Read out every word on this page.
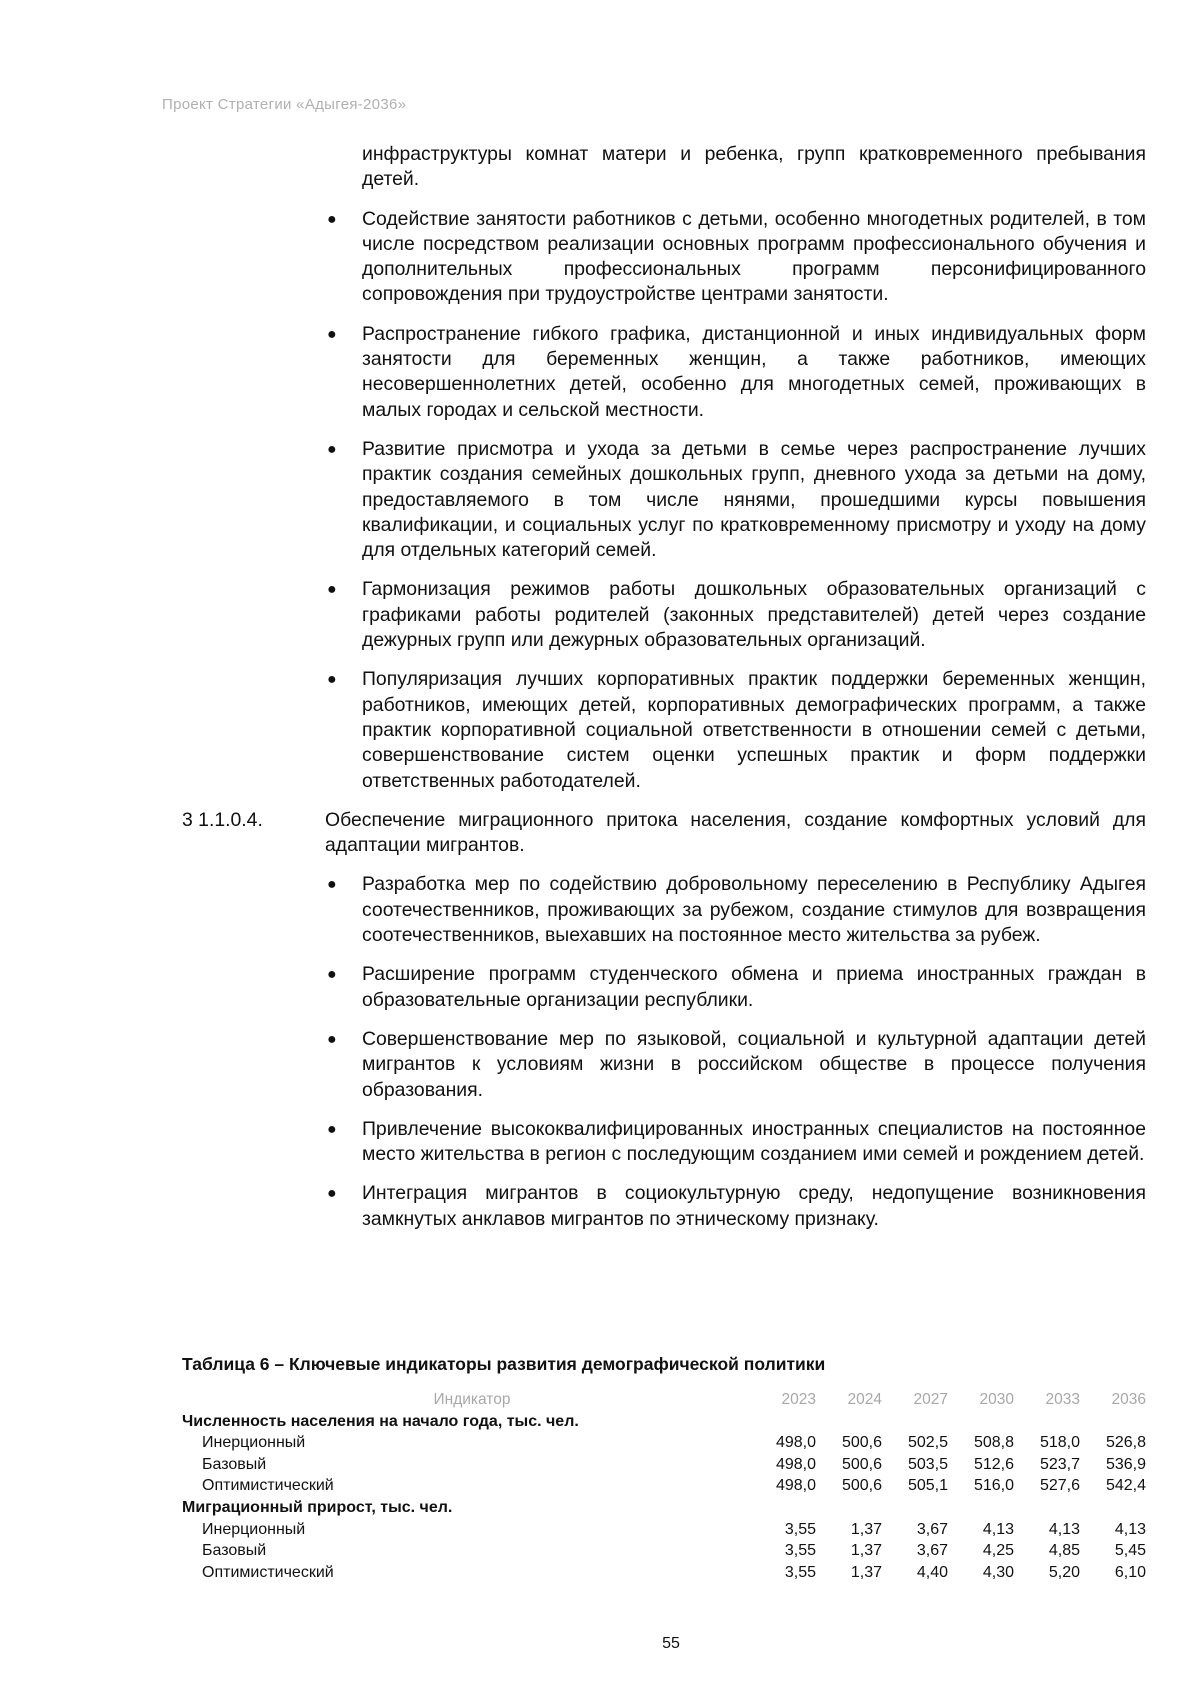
Проект Стратегии «Адыгея-2036»

инфраструктуры комнат матери и ребенка, групп кратковременного пребывания детей.

● Содействие занятости работников с детьми, особенно многодетных родителей, в том числе посредством реализации основных программ профессионального обучения и дополнительных профессиональных программ персонифицированного сопровождения при трудоустройстве центрами занятости.
● Распространение гибкого графика, дистанционной и иных индивидуальных форм занятости для беременных женщин, а также работников, имеющих несовершеннолетних детей, особенно для многодетных семей, проживающих в малых городах и сельской местности.
● Развитие присмотра и ухода за детьми в семье через распространение лучших практик создания семейных дошкольных групп, дневного ухода за детьми на дому, предоставляемого в том числе нянями, прошедшими курсы повышения квалификации, и социальных услуг по кратковременному присмотру и уходу на дому для отдельных категорий семей.
● Гармонизация режимов работы дошкольных образовательных организаций с графиками работы родителей (законных представителей) детей через создание дежурных групп или дежурных образовательных организаций.
● Популяризация лучших корпоративных практик поддержки беременных женщин, работников, имеющих детей, корпоративных демографических программ, а также практик корпоративной социальной ответственности в отношении семей с детьми, совершенствование систем оценки успешных практик и форм поддержки ответственных работодателей.

3 1.1.0.4.	Обеспечение миграционного притока населения, создание комфортных условий для адаптации мигрантов.

● Разработка мер по содействию добровольному переселению в Республику Адыгея соотечественников, проживающих за рубежом, создание стимулов для возвращения соотечественников, выехавших на постоянное место жительства за рубеж.
● Расширение программ студенческого обмена и приема иностранных граждан в образовательные организации республики.
● Совершенствование мер по языковой, социальной и культурной адаптации детей мигрантов к условиям жизни в российском обществе в процессе получения образования.
● Привлечение высококвалифицированных иностранных специалистов на постоянное место жительства в регион с последующим созданием ими семей и рождением детей.
● Интеграция мигрантов в социокультурную среду, недопущение возникновения замкнутых анклавов мигрантов по этническому признаку.
Таблица 6 – Ключевые индикаторы развития демографической политики
Индикатор	2023	2024	2027	2030	2033	2036
Численность населения на начало года, тыс. чел.						
Инерционный	498,0	500,6	502,5	508,8	518,0	526,8
Базовый	498,0	500,6	503,5	512,6	523,7	536,9
Оптимистический	498,0	500,6	505,1	516,0	527,6	542,4
Миграционный прирост, тыс. чел.						
Инерционный	3,55	1,37	3,67	4,13	4,13	4,13
Базовый	3,55	1,37	3,67	4,25	4,85	5,45
Оптимистический	3,55	1,37	4,40	4,30	5,20	6,10
55
